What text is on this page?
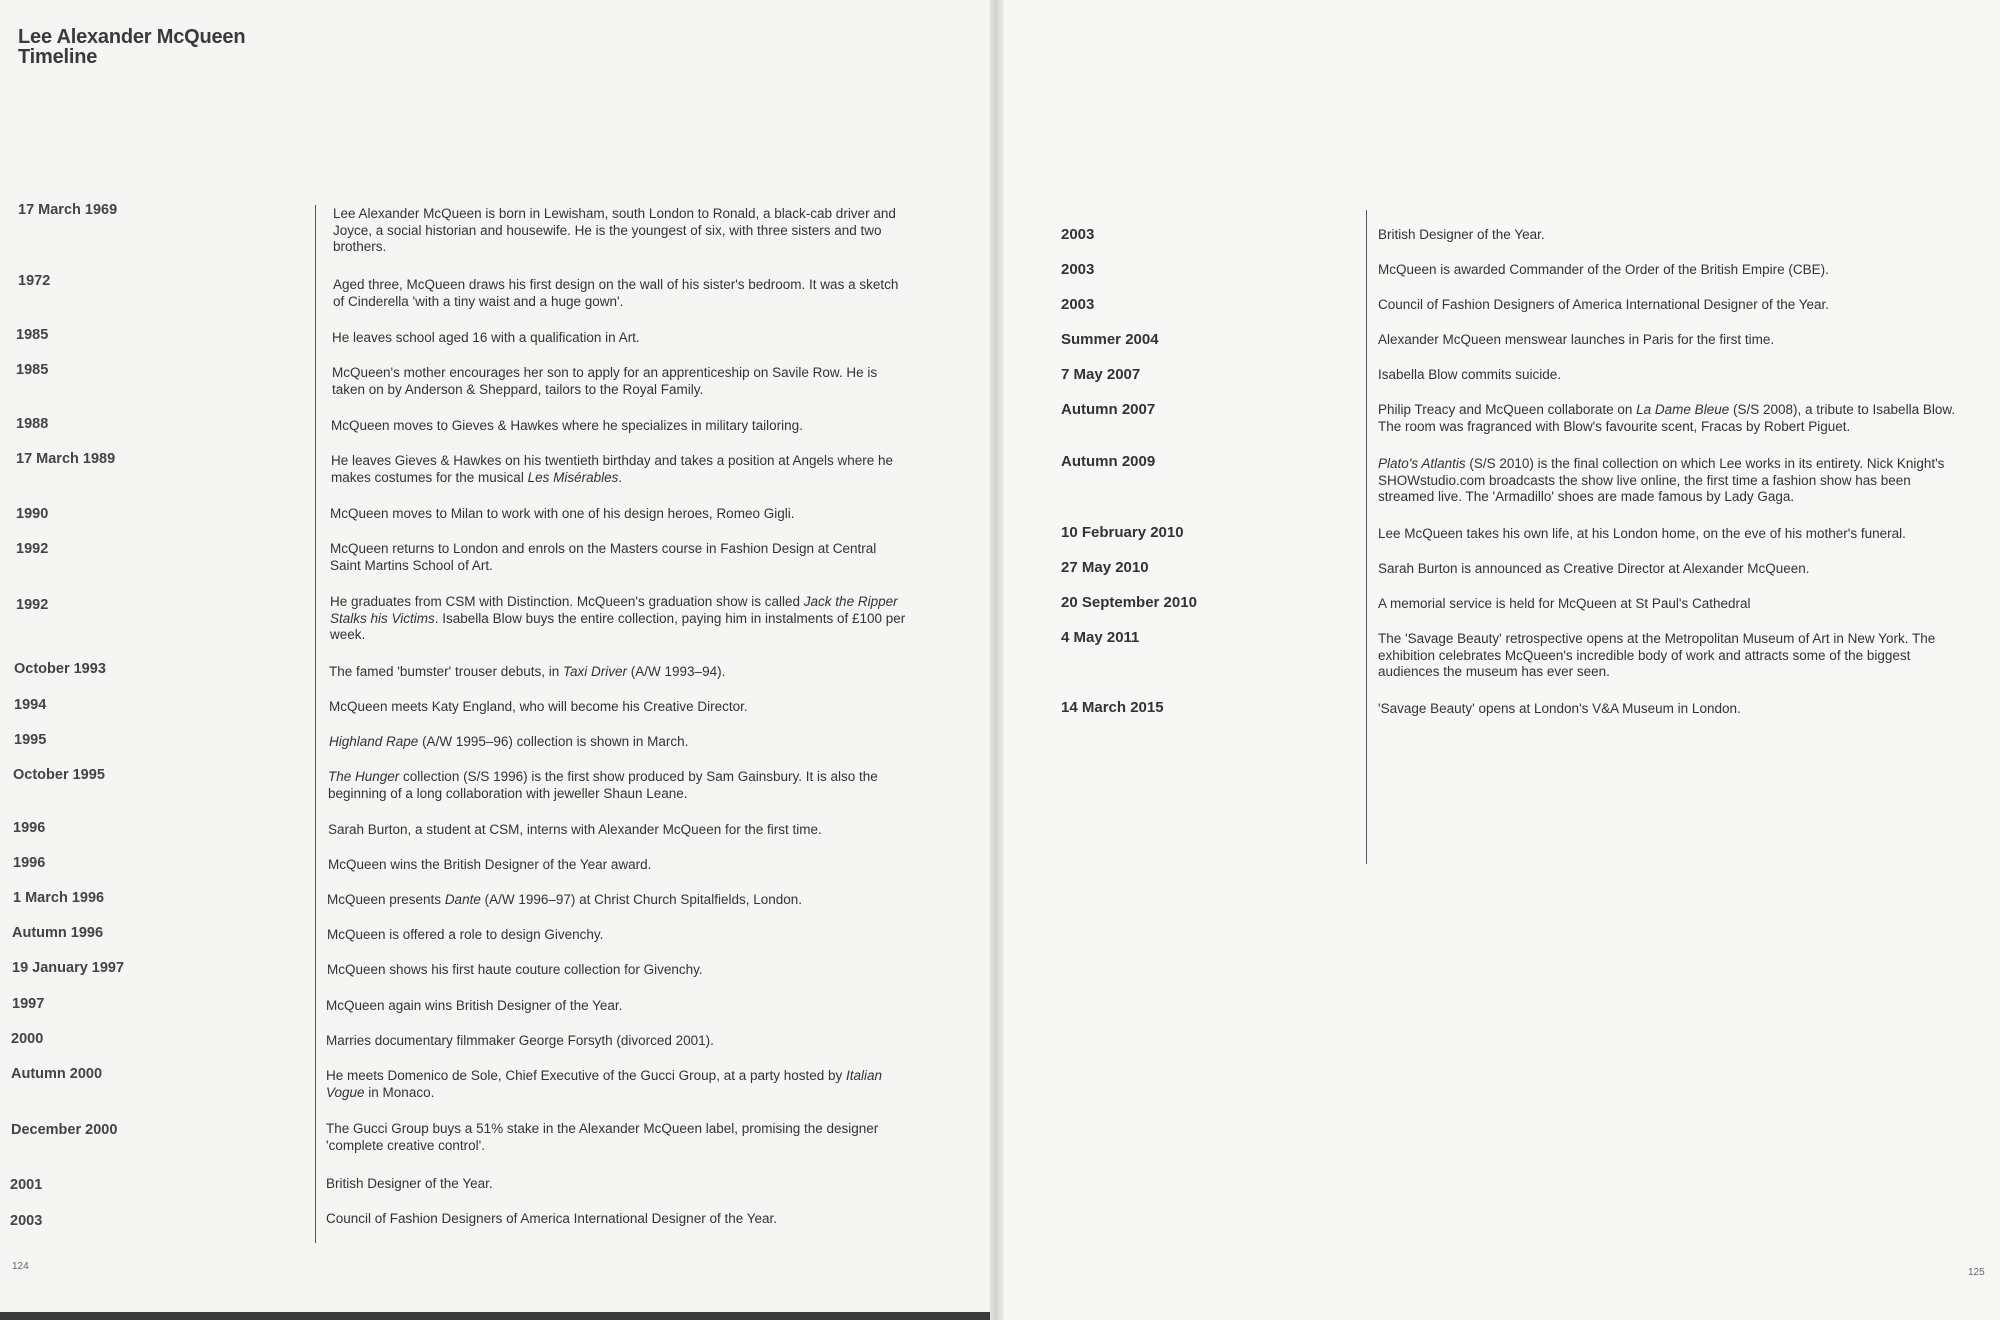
Lee Alexander McQueen
Timeline
17 March 1969	Lee Alexander McQueen is born in Lewisham, south London to Ronald, a black-cab driver and Joyce, a social historian and housewife. He is the youngest of six, with three sisters and two brothers.
1972	Aged three, McQueen draws his first design on the wall of his sister's bedroom. It was a sketch of Cinderella 'with a tiny waist and a huge gown'.
1985	He leaves school aged 16 with a qualification in Art.
1985	McQueen's mother encourages her son to apply for an apprenticeship on Savile Row. He is taken on by Anderson & Sheppard, tailors to the Royal Family.
1988	McQueen moves to Gieves & Hawkes where he specializes in military tailoring.
17 March 1989	He leaves Gieves & Hawkes on his twentieth birthday and takes a position at Angels where he makes costumes for the musical Les Misérables.
1990	McQueen moves to Milan to work with one of his design heroes, Romeo Gigli.
1992	McQueen returns to London and enrols on the Masters course in Fashion Design at Central Saint Martins School of Art.
1992	He graduates from CSM with Distinction. McQueen's graduation show is called Jack the Ripper Stalks his Victims. Isabella Blow buys the entire collection, paying him in instalments of £100 per week.
October 1993	The famed 'bumster' trouser debuts, in Taxi Driver (A/W 1993–94).
1994	McQueen meets Katy England, who will become his Creative Director.
1995	Highland Rape (A/W 1995–96) collection is shown in March.
October 1995	The Hunger collection (S/S 1996) is the first show produced by Sam Gainsbury. It is also the beginning of a long collaboration with jeweller Shaun Leane.
1996	Sarah Burton, a student at CSM, interns with Alexander McQueen for the first time.
1996	McQueen wins the British Designer of the Year award.
1 March 1996	McQueen presents Dante (A/W 1996–97) at Christ Church Spitalfields, London.
Autumn 1996	McQueen is offered a role to design Givenchy.
19 January 1997	McQueen shows his first haute couture collection for Givenchy.
1997	McQueen again wins British Designer of the Year.
2000	Marries documentary filmmaker George Forsyth (divorced 2001).
Autumn 2000	He meets Domenico de Sole, Chief Executive of the Gucci Group, at a party hosted by Italian Vogue in Monaco.
December 2000	The Gucci Group buys a 51% stake in the Alexander McQueen label, promising the designer 'complete creative control'.
2001	British Designer of the Year.
2003	Council of Fashion Designers of America International Designer of the Year.
124
2003	British Designer of the Year.
2003	McQueen is awarded Commander of the Order of the British Empire (CBE).
2003	Council of Fashion Designers of America International Designer of the Year.
Summer 2004	Alexander McQueen menswear launches in Paris for the first time.
7 May 2007	Isabella Blow commits suicide.
Autumn 2007	Philip Treacy and McQueen collaborate on La Dame Bleue (S/S 2008), a tribute to Isabella Blow. The room was fragranced with Blow's favourite scent, Fracas by Robert Piguet.
Autumn 2009	Plato's Atlantis (S/S 2010) is the final collection on which Lee works in its entirety. Nick Knight's SHOWstudio.com broadcasts the show live online, the first time a fashion show has been streamed live. The 'Armadillo' shoes are made famous by Lady Gaga.
10 February 2010	Lee McQueen takes his own life, at his London home, on the eve of his mother's funeral.
27 May 2010	Sarah Burton is announced as Creative Director at Alexander McQueen.
20 September 2010	A memorial service is held for McQueen at St Paul's Cathedral
4 May 2011	The 'Savage Beauty' retrospective opens at the Metropolitan Museum of Art in New York. The exhibition celebrates McQueen's incredible body of work and attracts some of the biggest audiences the museum has ever seen.
14 March 2015	'Savage Beauty' opens at London's V&A Museum in London.
125
